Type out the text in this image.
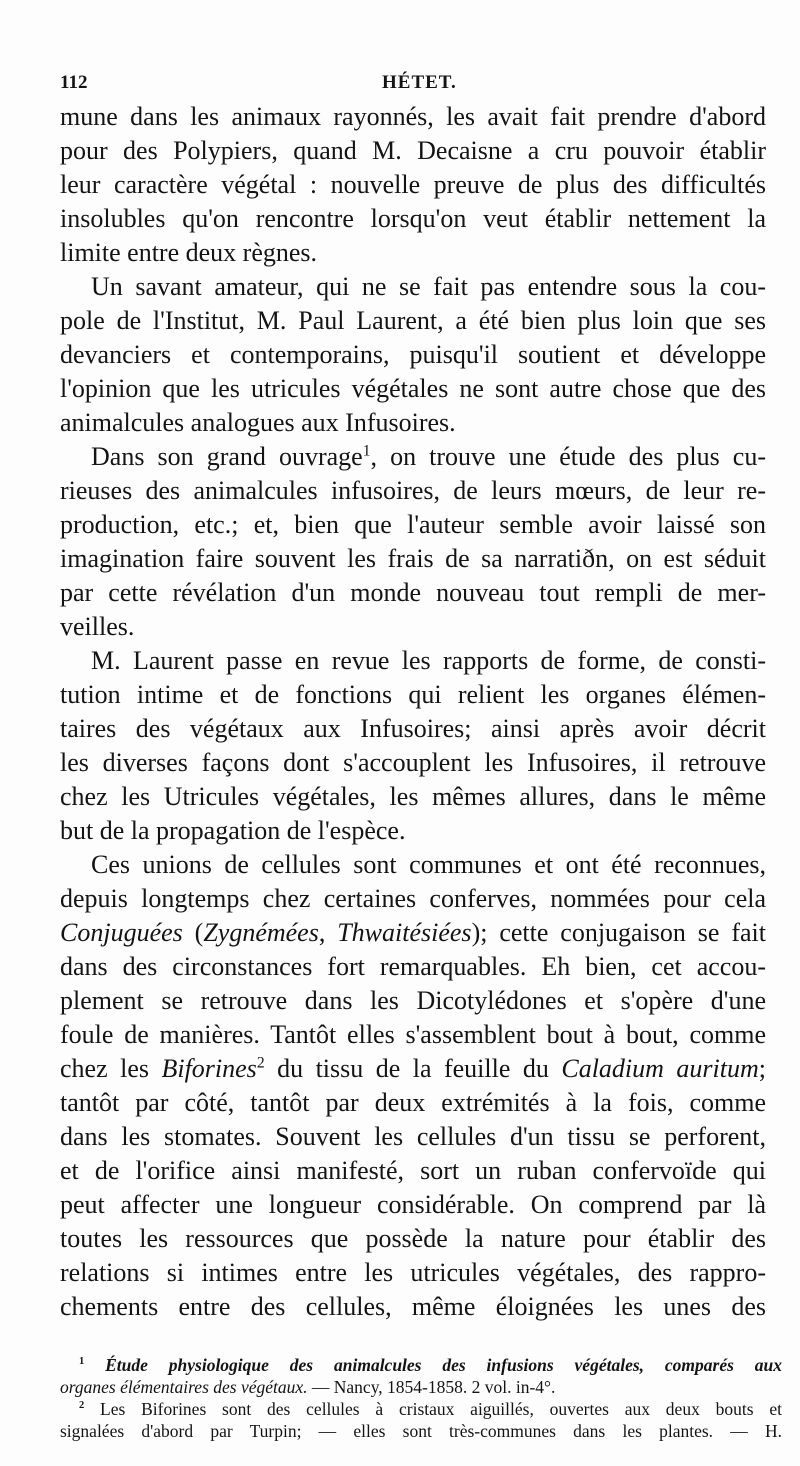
112	HÉTET.
mune dans les animaux rayonnés, les avait fait prendre d'abord
pour des Polypiers, quand M. Decaisne a cru pouvoir établir
leur caractère végétal : nouvelle preuve de plus des difficultés
insolubles qu'on rencontre lorsqu'on veut établir nettement la
limite entre deux règnes.
Un savant amateur, qui ne se fait pas entendre sous la cou-
pole de l'Institut, M. Paul Laurent, a été bien plus loin que ses
devanciers et contemporains, puisqu'il soutient et développe
l'opinion que les utricules végétales ne sont autre chose que des
animalcules analogues aux Infusoires.
Dans son grand ouvrage$^1$, on trouve une étude des plus cu-
rieuses des animalcules infusoires, de leurs mœurs, de leur re-
production, etc.; et, bien que l'auteur semble avoir laissé son
imagination faire souvent les frais de sa narratiðn, on est séduit
par cette révélation d'un monde nouveau tout rempli de mer-
veilles.
M. Laurent passe en revue les rapports de forme, de consti-
tution intime et de fonctions qui relient les organes élémen-
taires des végétaux aux Infusoires; ainsi après avoir décrit
les diverses façons dont s'accouplent les Infusoires, il retrouve
chez les Utricules végétales, les mêmes allures, dans le même
but de la propagation de l'espèce.
Ces unions de cellules sont communes et ont été reconnues,
depuis longtemps chez certaines conferves, nommées pour cela
Conjuguées (Zygnémées, Thwaitésiées); cette conjugaison se fait
dans des circonstances fort remarquables. Eh bien, cet accou-
plement se retrouve dans les Dicotylédones et s'opère d'une
foule de manières. Tantôt elles s'assemblent bout à bout, comme
chez les Biforines$^2$ du tissu de la feuille du Caladium auritum;
tantôt par côté, tantôt par deux extrémités à la fois, comme
dans les stomates. Souvent les cellules d'un tissu se perforent,
et de l'orifice ainsi manifesté, sort un ruban confervoïde qui
peut affecter une longueur considérable. On comprend par là
toutes les ressources que possède la nature pour établir des
relations si intimes entre les utricules végétales, des rappro-
chements entre des cellules, même éloignées les unes des
$^1$ Étude physiologique des animalcules des infusions végétales, comparés aux
organes élémentaires des végétaux. — Nancy, 1854-1858. 2 vol. in-4°.
$^2$ Les Biforines sont des cellules à cristaux aiguillés, ouvertes aux deux bouts et
signalées d'abord par Turpin; — elles sont très-communes dans les plantes. — H.
